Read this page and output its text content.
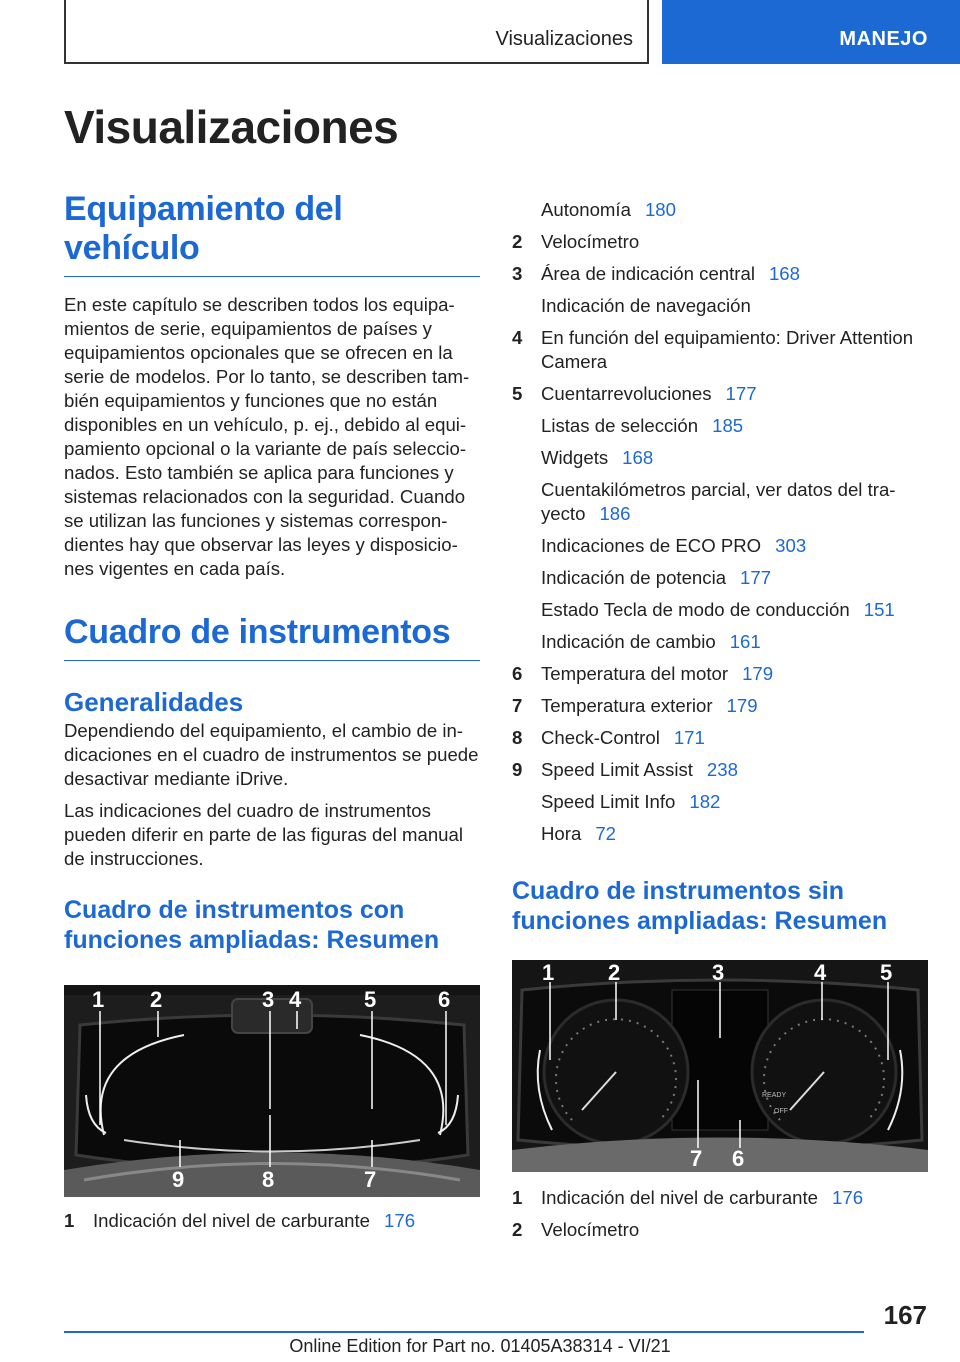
Visualizaciones	MANEJO
Visualizaciones
Equipamiento del vehículo

En este capítulo se describen todos los equipa-mientos de serie, equipamientos de países y equipamientos opcionales que se ofrecen en la serie de modelos. Por lo tanto, se describen tam-bién equipamientos y funciones que no están disponibles en un vehículo, p. ej., debido al equi-pamiento opcional o la variante de país seleccio-nados. Esto también se aplica para funciones y sistemas relacionados con la seguridad. Cuando se utilizan las funciones y sistemas correspon-dientes hay que observar las leyes y disposicio-nes vigentes en cada país.

Cuadro de instrumentos
Generalidades

Dependiendo del equipamiento, el cambio de in-dicaciones en el cuadro de instrumentos se puede desactivar mediante iDrive.

Las indicaciones del cuadro de instrumentos pueden diferir en parte de las figuras del manual de instrucciones.

Cuadro de instrumentos con funciones ampliadas: Resumen
1 2	3 4	5	6
9	8	7
1	Indicación del nivel de carburante 176
Autonomía 180
2	Velocímetro
3	Área de indicación central 168
Indicación de navegación
4	En función del equipamiento: Driver Attention Camera
5	Cuentarrevoluciones 177
Listas de selección 185
Widgets 168
Cuentakilómetros parcial, ver datos del tra-yecto 186
Indicaciones de ECO PRO 303
Indicación de potencia 177
Estado Tecla de modo de conducción 151
Indicación de cambio 161
6	Temperatura del motor 179
7	Temperatura exterior 179
8	Check-Control 171
9	Speed Limit Assist 238
Speed Limit Info 182
Hora 72
Cuadro de instrumentos sin funciones ampliadas: Resumen
1 2	3	4 5
7 6
READY
OFF
1	Indicación del nivel de carburante 176
2	Velocímetro
167
Online Edition for Part no. 01405A38314 - VI/21
